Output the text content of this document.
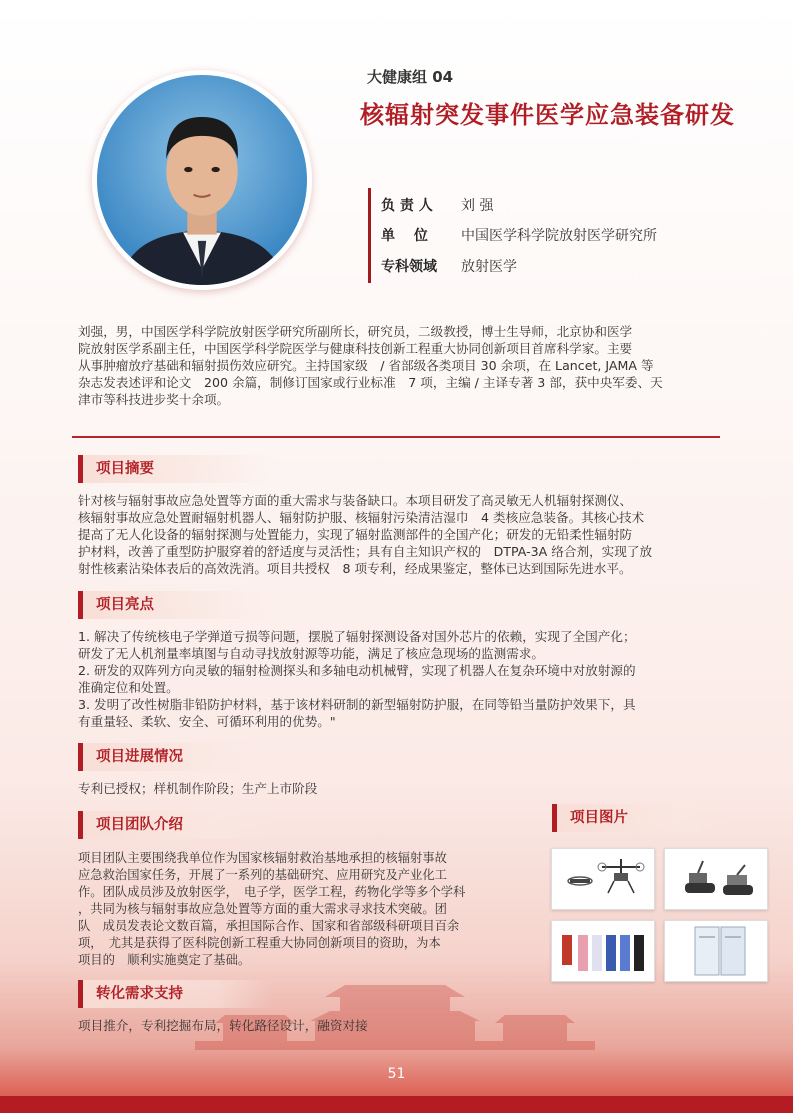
大健康组 04
核辐射突发事件医学应急装备研发
负 责 人 刘 强
单　 位 中国医学科学院放射医学研究所
专科领域 放射医学
刘强，男，中国医学科学院放射医学研究所副所长，研究员，二级教授，博士生导师，北京协和医学
院放射医学系副主任，中国医学科学院医学与健康科技创新工程重大协同创新项目首席科学家。主要
从事肿瘤放疗基础和辐射损伤效应研究。主持国家级　/ 省部级各类项目 30 余项，在 Lancet, JAMA 等
杂志发表述评和论文　200 余篇，制修订国家或行业标准　7 项，主编 / 主译专著 3 部，获中央军委、天
津市等科技进步奖十余项。
项目摘要
针对核与辐射事故应急处置等方面的重大需求与装备缺口。本项目研发了高灵敏无人机辐射探测仪、
核辐射事故应急处置耐辐射机器人、辐射防护服、核辐射污染清洁湿巾　4 类核应急装备。其核心技术
提高了无人化设备的辐射探测与处置能力，实现了辐射监测部件的全国产化；研发的无铅柔性辐射防
护材料，改善了重型防护服穿着的舒适度与灵活性；具有自主知识产权的　DTPA-3A 络合剂，实现了放
射性核素沾染体表后的高效洗消。项目共授权　8 项专利，经成果鉴定，整体已达到国际先进水平。
项目亮点
1. 解决了传统核电子学弹道亏损等问题，摆脱了辐射探测设备对国外芯片的依赖，实现了全国产化；
研发了无人机剂量率填图与自动寻找放射源等功能，满足了核应急现场的监测需求。
2. 研发的双阵列方向灵敏的辐射检测探头和多轴电动机械臂，实现了机器人在复杂环境中对放射源的
准确定位和处置。
3. 发明了改性树脂非铅防护材料，基于该材料研制的新型辐射防护服，在同等铅当量防护效果下，具
有重量轻、柔软、安全、可循环利用的优势。"
项目进展情况
专利已授权；样机制作阶段；生产上市阶段
项目团队介绍
项目团队主要围绕我单位作为国家核辐射救治基地承担的核辐射事故
应急救治国家任务，开展了一系列的基础研究、应用研究及产业化工
作。团队成员涉及放射医学，　电子学，医学工程，药物化学等多个学科
，共同为核与辐射事故应急处置等方面的重大需求寻求技术突破。团
队　成员发表论文数百篇，承担国际合作、国家和省部级科研项目百余
项，　尤其是获得了医科院创新工程重大协同创新项目的资助，为本
项目的　顺利实施奠定了基础。
项目图片
转化需求支持
项目推介，专利挖掘布局，转化路径设计，融资对接
51
